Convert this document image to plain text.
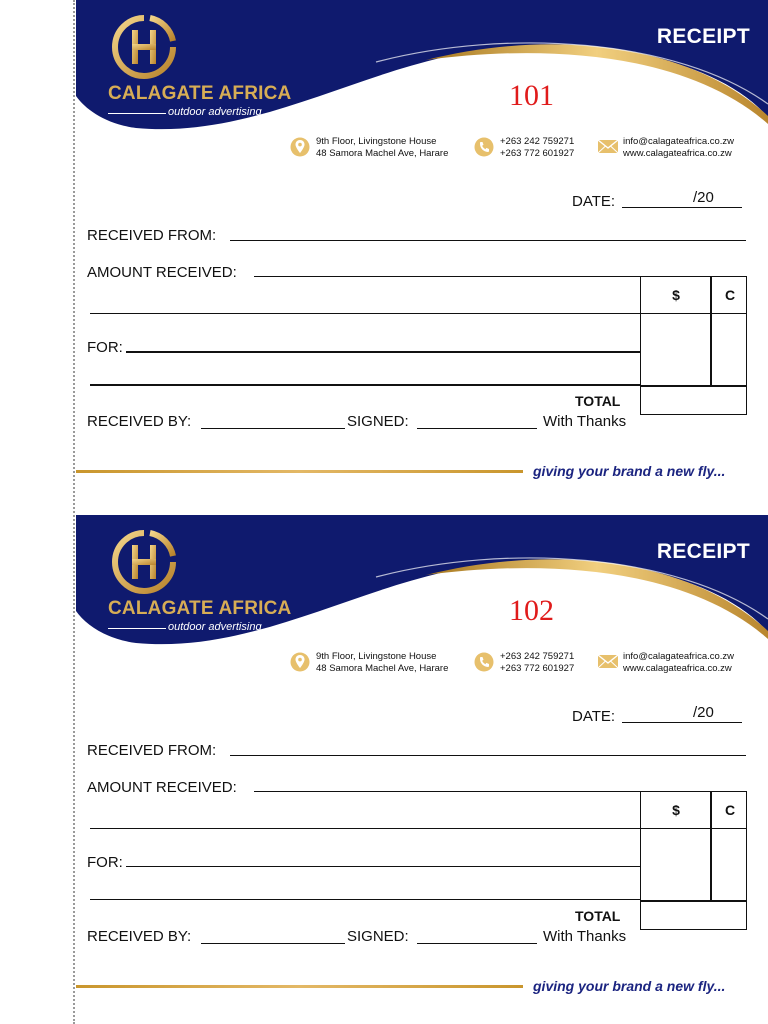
CALAGATE AFRICA
outdoor advertising
RECEIPT
101
9th Floor, Livingstone House
48 Samora Machel Ave, Harare
+263 242 759271
+263 772 601927
info@calagateafrica.co.zw
www.calagateafrica.co.zw
DATE:	/20
RECEIVED FROM:
AMOUNT RECEIVED:
FOR:
$	C
TOTAL
RECEIVED BY:	SIGNED:	With Thanks
giving your brand a new fly...
CALAGATE AFRICA
outdoor advertising
RECEIPT
102
9th Floor, Livingstone House
48 Samora Machel Ave, Harare
+263 242 759271
+263 772 601927
info@calagateafrica.co.zw
www.calagateafrica.co.zw
DATE:	/20
RECEIVED FROM:
AMOUNT RECEIVED:
FOR:
$	C
TOTAL
RECEIVED BY:	SIGNED:	With Thanks
giving your brand a new fly...
